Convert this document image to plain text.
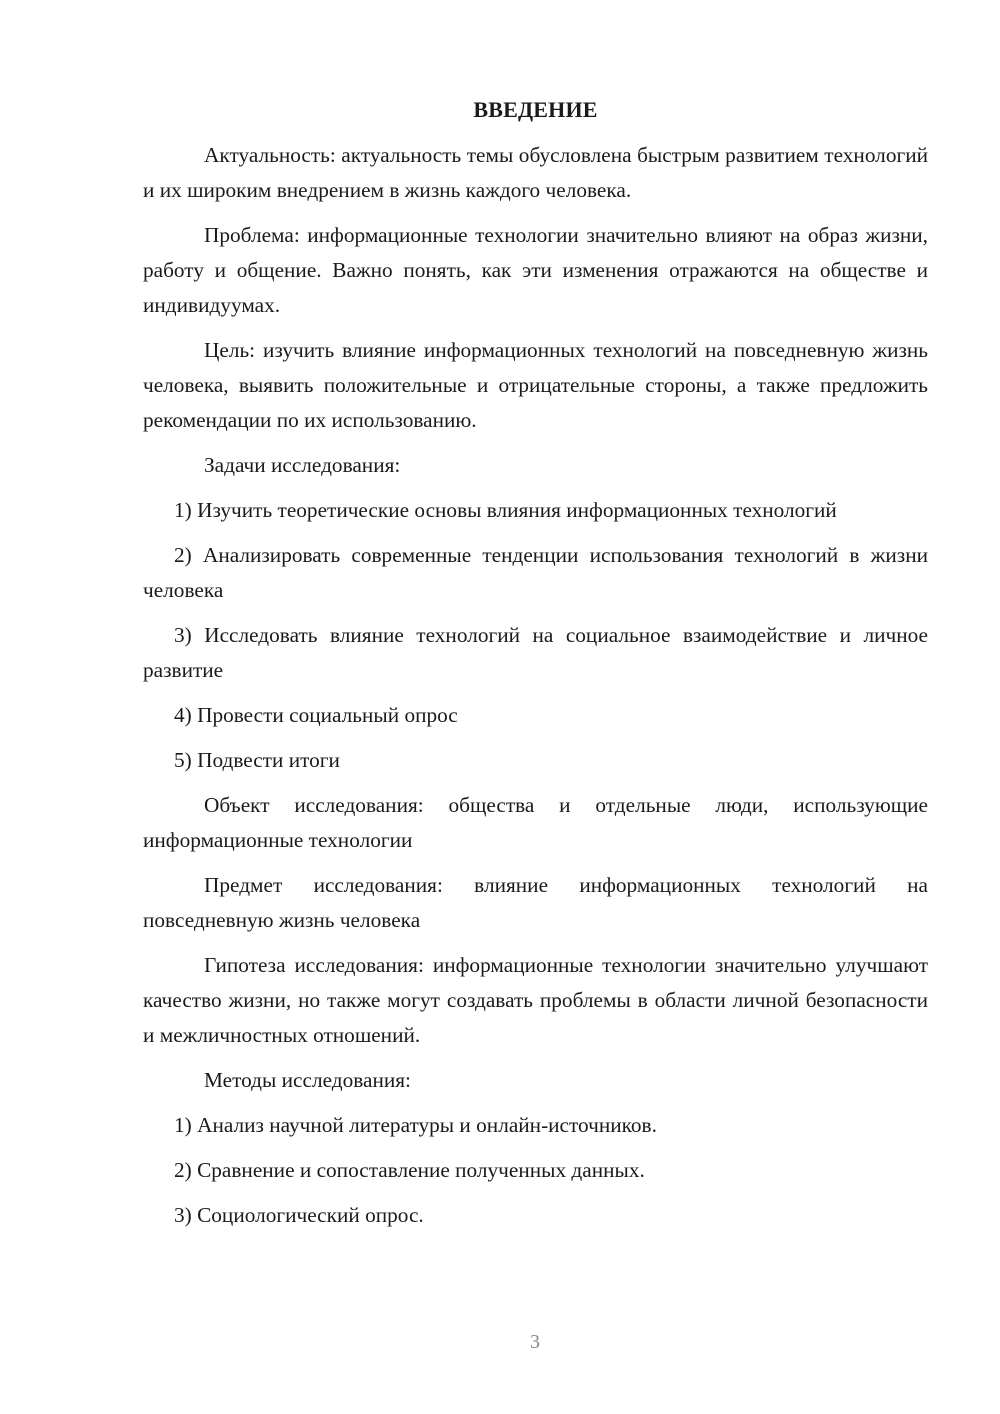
ВВЕДЕНИЕ

Актуальность: актуальность темы обусловлена быстрым развитием технологий и их широким внедрением в жизнь каждого человека.

Проблема: информационные технологии значительно влияют на образ жизни, работу и общение. Важно понять, как эти изменения отражаются на обществе и индивидуумах.

Цель: изучить влияние информационных технологий на повседневную жизнь человека, выявить положительные и отрицательные стороны, а также предложить рекомендации по их использованию.

Задачи исследования:

1) Изучить теоретические основы влияния информационных технологий

2) Анализировать современные тенденции использования технологий в жизни человека

3) Исследовать влияние технологий на социальное взаимодействие и личное развитие

4) Провести социальный опрос

5) Подвести итоги

Объект исследования: общества и отдельные люди, использующие информационные технологии

Предмет исследования: влияние информационных технологий на повседневную жизнь человека

Гипотеза исследования: информационные технологии значительно улучшают качество жизни, но также могут создавать проблемы в области личной безопасности и межличностных отношений.

Методы исследования:

1) Анализ научной литературы и онлайн-источников.

2) Сравнение и сопоставление полученных данных.

3) Социологический опрос.

3
